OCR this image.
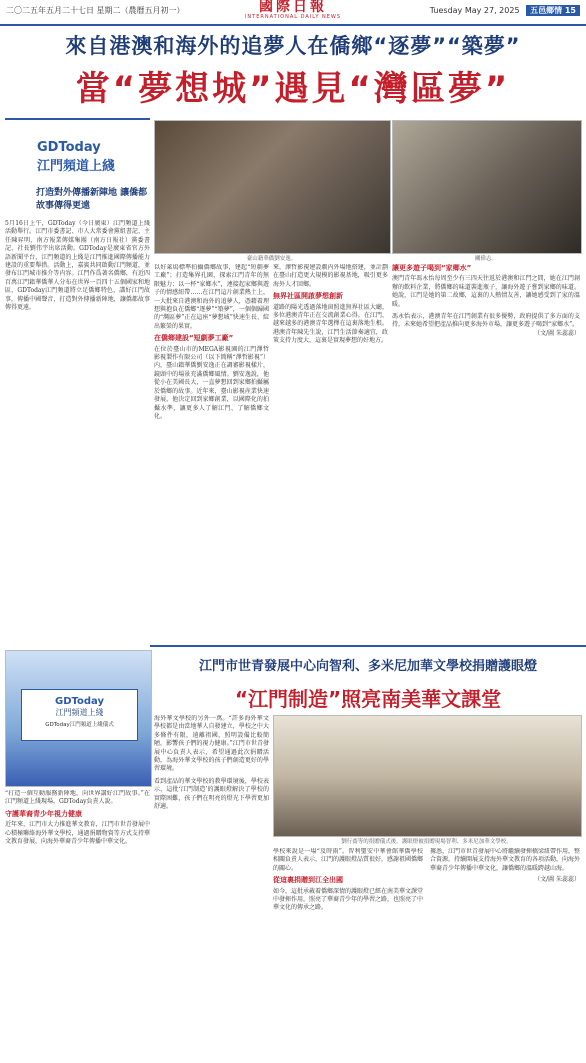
二〇二五年五月二十七日 星期二（農曆五月初一）	國際日報
INTERNATIONAL DAILY NEWS
Tuesday May 27, 2025 五邑鄉情 15
來自港澳和海外的追夢人在僑鄉“逐夢”“築夢”
當“夢想城”遇見“灣區夢”
GDToday
江門頻道上綫
打造對外傳播新陣地 讓僑都故事傳得更遠
5月16日上午，GDToday（今日廣東）江門頻道上綫活動舉行。江門市委書記、市人大常委會黨組書記、主任陳昇明，南方報業傳媒集團（南方日報社）黨委書記、社長劉伟宇出席活動。GDToday是廣東省官方外語新聞平台，江門頻道的上綫是江門推進國際傳播能力建設的重要舉措。活動上，嘉賓共同啟動江門頻道，並發布江門城市推介等内容。江門作爲著名僑鄉，有近四百萬江門籍華僑華人分布在世界一百四十五個國家和地區，GDToday江門頻道將立足僑鄉特色，講好江門故事，傳播中國聲音，打造對外傳播新陣地，讓僑都故事傳得更遠。
臺山籍華僑劉安逸。	關偉志。
以好萊塢標準拍攝僑鄉故事，建起“短劇夢工廠”；打造集界孔園、探索江門青年的無限魅力；以一杯“家鄉水”，連接起家鄉與遊子的情感紐帶……在江門這片創業熱土上，一大批來自港澳和海外的追夢人，憑藉着理想與抱負在僑鄉“逐夢”“築夢”，一個個歸國的“灣區夢”正在這座“夢想城”快速生長、綻出繁榮的果實。
在僑鄉建設“短劇夢工廠”
在位於臺山市的MEGA影視園的江門澤哲影視製作有限公司（以下簡稱“澤哲影視”）内，臺山籍華僑劉安逸正在調審影視樣片，鏡頭中的場景充滿僑鄉風情。劉安逸說，他從小在美國長大，一直夢想回到家鄉拍攝屬於僑鄉的故事。近年來，臺山影視産業快速發展，他決定回到家鄉創業，以國際化的拍攝水準，讓更多人了解江門、了解僑鄉文化。
來，澤哲影視建設劇内外場地搭建，並計劃在臺山打造更大規模的影視基地，吸引更多海外人才回鄉。
無界社區開啟夢想創新
道路的陽光透過落地窗照進無界社區大廳，多位港澳青年正在交流創業心得。在江門，越來越多的港澳青年選擇在這裏落地生根。港澳青年陳先生說，江門生活節奏適宜，政策支持力度大，這裏是實現夢想的好地方。
讓更多遊子喝到“家鄉水”
澳門青年馮永怡每周至少有三四天往返於港澳和江門之間，她在江門創辦的飲料企業，將僑鄉的味道裝進瓶子，讓海外遊子嘗到家鄉的味道。她說，江門是她的第二故鄉，這裏的人熱情友善，讓她感受到了家的溫暖。
馮永怡表示，港澳青年在江門創業有很多優勢，政府提供了多方面的支持，未來她希望把產品推向更多海外市場，讓更多遊子喝到“家鄉水”。
（文/圖 朱蕊蕊）
江門市世青發展中心向智利、多米尼加華文學校捐贈護眼燈
“江門制造”照亮南美華文課堂
GDToday
江門頻道上綫
GDToday江門頻道上綫儀式
“打造一個互動服務新陣地，向世界講好江門故事。”在江門頻道上綫現場，GDToday負責人說。
守護華裔青少年視力健康
近年來，江門市大力推進華文教育，江門市世青發展中心積極聯絡海外華文學校，通過捐贈物資等方式支持華文教育發展，向海外華裔青少年傳播中華文化。
海外華文學校的另外一萬。“許多海外華文學校都是由當地華人自發建立，學校之中大多條件有限，遠離祖國，照明設備比較簡陋，影響孩子們的視力健康。”江門市世青發展中心負責人表示，希望通過此次捐贈活動，為海外華文學校的孩子們創造更好的學習環境。
看到產品的華文學校的教學環境後，學校表示，這批‘江門制造’的護眼燈解決了學校的實際困難，孩子們在明亮的燈光下學習更加舒適。
劉行齋等的捐贈儀式後，護眼燈被捐贈現場智利、多米尼加華文學校。
學校來說是一場“及時雨”。智利聖安中華會館華僑學校相關負責人表示，江門的護眼燈品質很好，感謝祖國僑鄉的關心。
從這裏捐贈到江全出國
如今，這批承載着僑鄉深情的護眼燈已經在南美華文課堂中發揮作用，照亮了華裔青少年的學習之路，也照亮了中華文化的傳承之路。
據悉，江門市世青發展中心將繼續發揮橋梁紐帶作用，整合資源，持續開展支持海外華文教育的各項活動，向海外華裔青少年傳播中華文化，讓僑鄉的溫暖跨越山海。
（文/圖 朱蕊蕊）
